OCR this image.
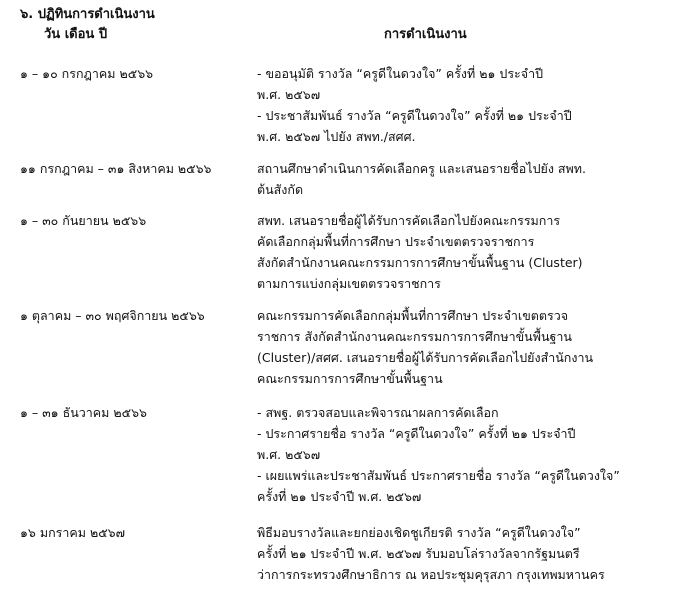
๖. ปฏิทินการดำเนินงาน
วัน เดือน ปี	การดำเนินงาน
๑ – ๑๐ กรกฎาคม ๒๕๖๖	- ขออนุมัติ รางวัล “ครูดีในดวงใจ” ครั้งที่ ๒๑ ประจำปี
พ.ศ. ๒๕๖๗
- ประชาสัมพันธ์ รางวัล “ครูดีในดวงใจ” ครั้งที่ ๒๑ ประจำปี
พ.ศ. ๒๕๖๗ ไปยัง สพท./สศศ.
๑๑ กรกฎาคม – ๓๑ สิงหาคม ๒๕๖๖	สถานศึกษาดำเนินการคัดเลือกครู และเสนอรายชื่อไปยัง สพท.
ต้นสังกัด
๑ – ๓๐ กันยายน ๒๕๖๖	สพท. เสนอรายชื่อผู้ได้รับการคัดเลือกไปยังคณะกรรมการ
คัดเลือกกลุ่มพื้นที่การศึกษา ประจำเขตตรวจราชการ
สังกัดสำนักงานคณะกรรมการการศึกษาขั้นพื้นฐาน (Cluster)
ตามการแบ่งกลุ่มเขตตรวจราชการ
๑ ตุลาคม – ๓๐ พฤศจิกายน ๒๕๖๖	คณะกรรมการคัดเลือกกลุ่มพื้นที่การศึกษา ประจำเขตตรวจ
ราชการ สังกัดสำนักงานคณะกรรมการการศึกษาขั้นพื้นฐาน
(Cluster)/สศศ. เสนอรายชื่อผู้ได้รับการคัดเลือกไปยังสำนักงาน
คณะกรรมการการศึกษาขั้นพื้นฐาน
๑ – ๓๑ ธันวาคม ๒๕๖๖	- สพฐ. ตรวจสอบและพิจารณาผลการคัดเลือก
- ประกาศรายชื่อ รางวัล “ครูดีในดวงใจ” ครั้งที่ ๒๑ ประจำปี
พ.ศ. ๒๕๖๗
- เผยแพร่และประชาสัมพันธ์ ประกาศรายชื่อ รางวัล “ครูดีในดวงใจ”
ครั้งที่ ๒๑ ประจำปี พ.ศ. ๒๕๖๗
๑๖ มกราคม ๒๕๖๗	พิธีมอบรางวัลและยกย่องเชิดชูเกียรติ รางวัล “ครูดีในดวงใจ”
ครั้งที่ ๒๑ ประจำปี พ.ศ. ๒๕๖๗ รับมอบโล่รางวัลจากรัฐมนตรี
ว่าการกระทรวงศึกษาธิการ ณ หอประชุมคุรุสภา กรุงเทพมหานคร
